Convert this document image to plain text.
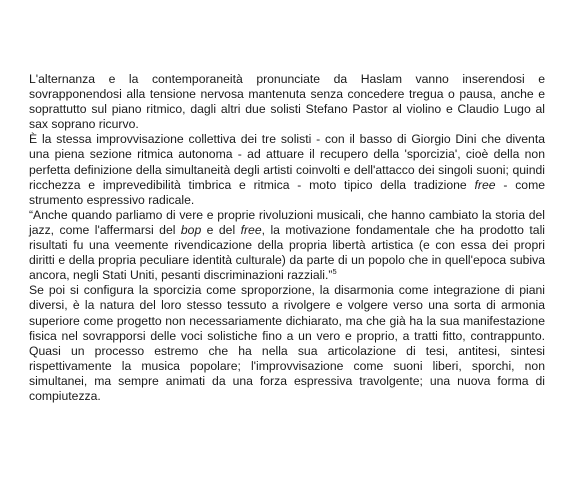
L'alternanza e la contemporaneità pronunciate da Haslam vanno inserendosi e sovrapponendosi alla tensione nervosa mantenuta senza concedere tregua o pausa, anche e soprattutto sul piano ritmico, dagli altri due solisti Stefano Pastor al violino e Claudio Lugo al sax soprano ricurvo.

È la stessa improvvisazione collettiva dei tre solisti - con il basso di Giorgio Dini che diventa una piena sezione ritmica autonoma - ad attuare il recupero della 'sporcizia', cioè della non perfetta definizione della simultaneità degli artisti coinvolti e dell'attacco dei singoli suoni; quindi ricchezza e imprevedibilità timbrica e ritmica - moto tipico della tradizione free - come strumento espressivo radicale.

“Anche quando parliamo di vere e proprie rivoluzioni musicali, che hanno cambiato la storia del jazz, come l'affermarsi del bop e del free, la motivazione fondamentale che ha prodotto tali risultati fu una veemente rivendicazione della propria libertà artistica (e con essa dei propri diritti e della propria peculiare identità culturale) da parte di un popolo che in quell'epoca subiva ancora, negli Stati Uniti, pesanti discriminazioni razziali.”$^5$

Se poi si configura la sporcizia come sproporzione, la disarmonia come integrazione di piani diversi, è la natura del loro stesso tessuto a rivolgere e volgere verso una sorta di armonia superiore come progetto non necessariamente dichiarato, ma che già ha la sua manifestazione fisica nel sovrapporsi delle voci solistiche fino a un vero e proprio, a tratti fitto, contrappunto. Quasi un processo estremo che ha nella sua articolazione di tesi, antitesi, sintesi rispettivamente la musica popolare; l'improvvisazione come suoni liberi, sporchi, non simultanei, ma sempre animati da una forza espressiva travolgente; una nuova forma di compiutezza.
